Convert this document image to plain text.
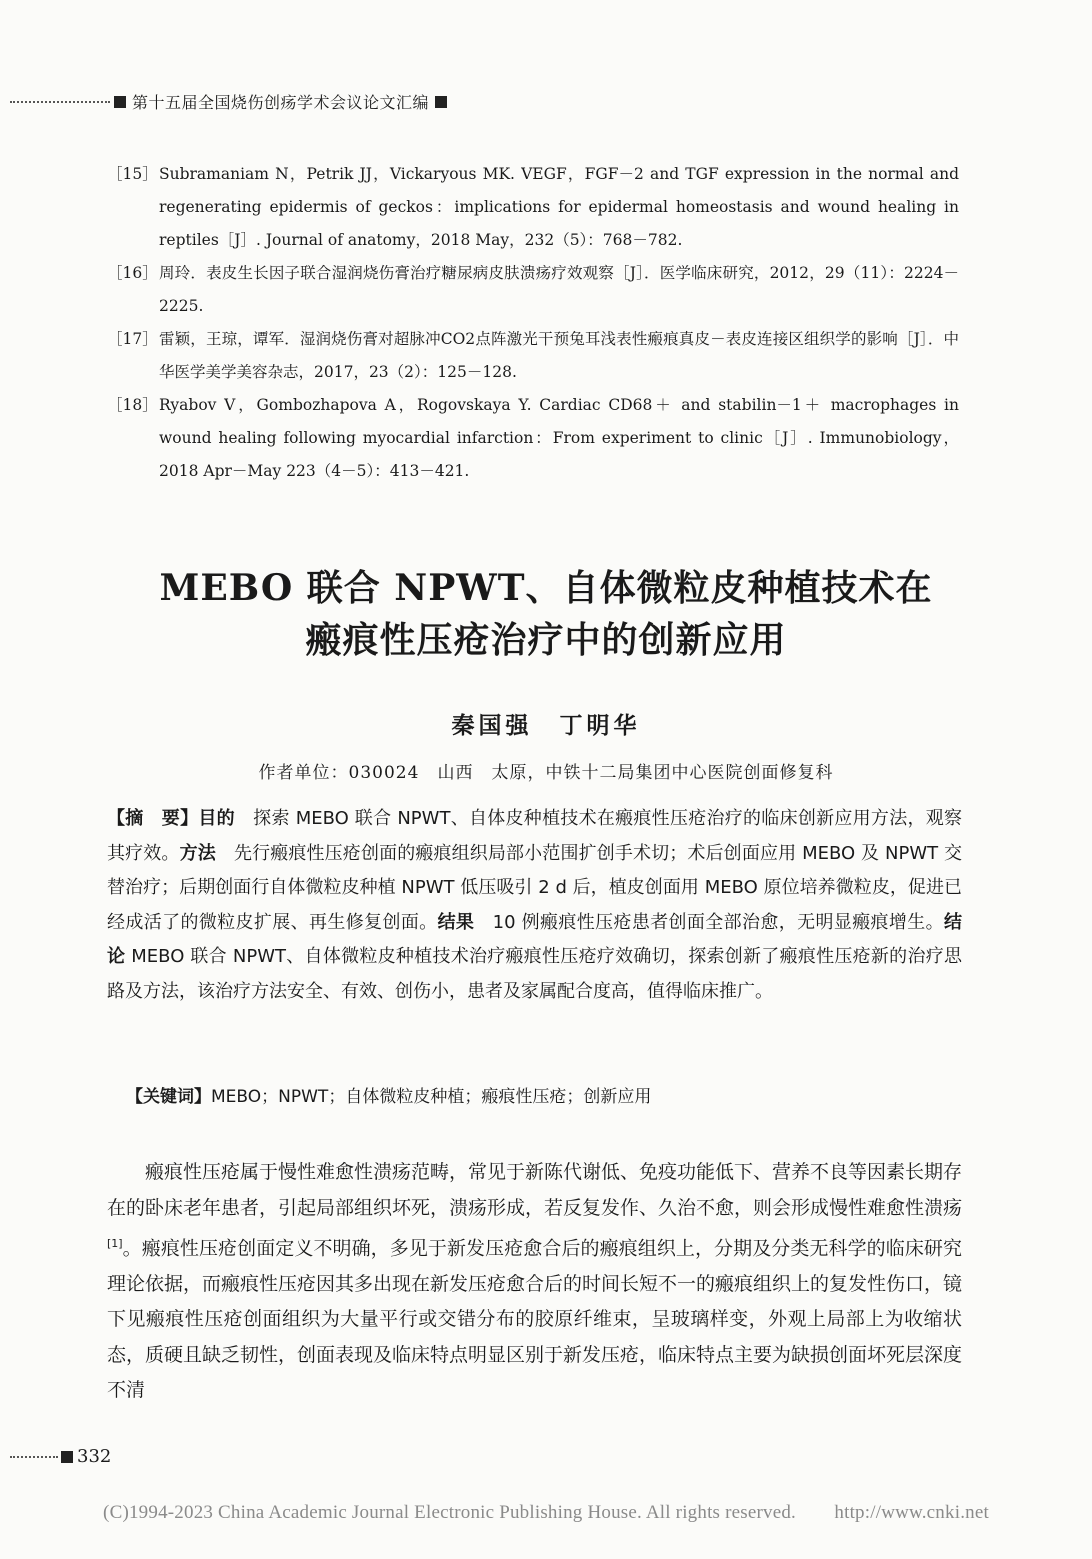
第十五届全国烧伤创疡学术会议论文汇编
［15］ Subramaniam N，Petrik JJ，Vickaryous MK. VEGF，FGF－2 and TGF expression in the normal and regenerating epidermis of geckos：implications for epidermal homeostasis and wound healing in reptiles［J］. Journal of anatomy，2018 May，232（5）：768－782.
［16］ 周玲．表皮生长因子联合湿润烧伤膏治疗糖尿病皮肤溃疡疗效观察［J］．医学临床研究，2012，29（11）：2224－2225.
［17］ 雷颖，王琼，谭军．湿润烧伤膏对超脉冲CO2点阵激光干预兔耳浅表性瘢痕真皮－表皮连接区组织学的影响［J］．中华医学美学美容杂志，2017，23（2）：125－128.
［18］ Ryabov V，Gombozhapova A，Rogovskaya Y. Cardiac CD68＋ and stabilin－1＋ macrophages in wound healing following myocardial infarction：From experiment to clinic［J］. Immunobiology，2018 Apr－May 223（4－5）：413－421.
MEBO 联合 NPWT、自体微粒皮种植技术在
瘢痕性压疮治疗中的创新应用
秦国强　丁明华
作者单位：030024　山西　太原，中铁十二局集团中心医院创面修复科

【摘　要】目的　探索 MEBO 联合 NPWT、自体皮种植技术在瘢痕性压疮治疗的临床创新应用方法，观察其疗效。方法　先行瘢痕性压疮创面的瘢痕组织局部小范围扩创手术切；术后创面应用 MEBO 及 NPWT 交替治疗；后期创面行自体微粒皮种植 NPWT 低压吸引 2 d 后，植皮创面用 MEBO 原位培养微粒皮，促进已经成活了的微粒皮扩展、再生修复创面。结果　10 例瘢痕性压疮患者创面全部治愈，无明显瘢痕增生。结论 MEBO 联合 NPWT、自体微粒皮种植技术治疗瘢痕性压疮疗效确切，探索创新了瘢痕性压疮新的治疗思路及方法，该治疗方法安全、有效、创伤小，患者及家属配合度高，值得临床推广。

【关键词】MEBO；NPWT；自体微粒皮种植；瘢痕性压疮；创新应用

瘢痕性压疮属于慢性难愈性溃疡范畴，常见于新陈代谢低、免疫功能低下、营养不良等因素长期存在的卧床老年患者，引起局部组织坏死，溃疡形成，若反复发作、久治不愈，则会形成慢性难愈性溃疡[1]。瘢痕性压疮创面定义不明确，多见于新发压疮愈合后的瘢痕组织上，分期及分类无科学的临床研究理论依据，而瘢痕性压疮因其多出现在新发压疮愈合后的时间长短不一的瘢痕组织上的复发性伤口，镜下见瘢痕性压疮创面组织为大量平行或交错分布的胶原纤维束，呈玻璃样变，外观上局部上为收缩状态，质硬且缺乏韧性，创面表现及临床特点明显区别于新发压疮，临床特点主要为缺损创面坏死层深度不清

332
(C)1994-2023 China Academic Journal Electronic Publishing House. All rights reserved.　　http://www.cnki.net
